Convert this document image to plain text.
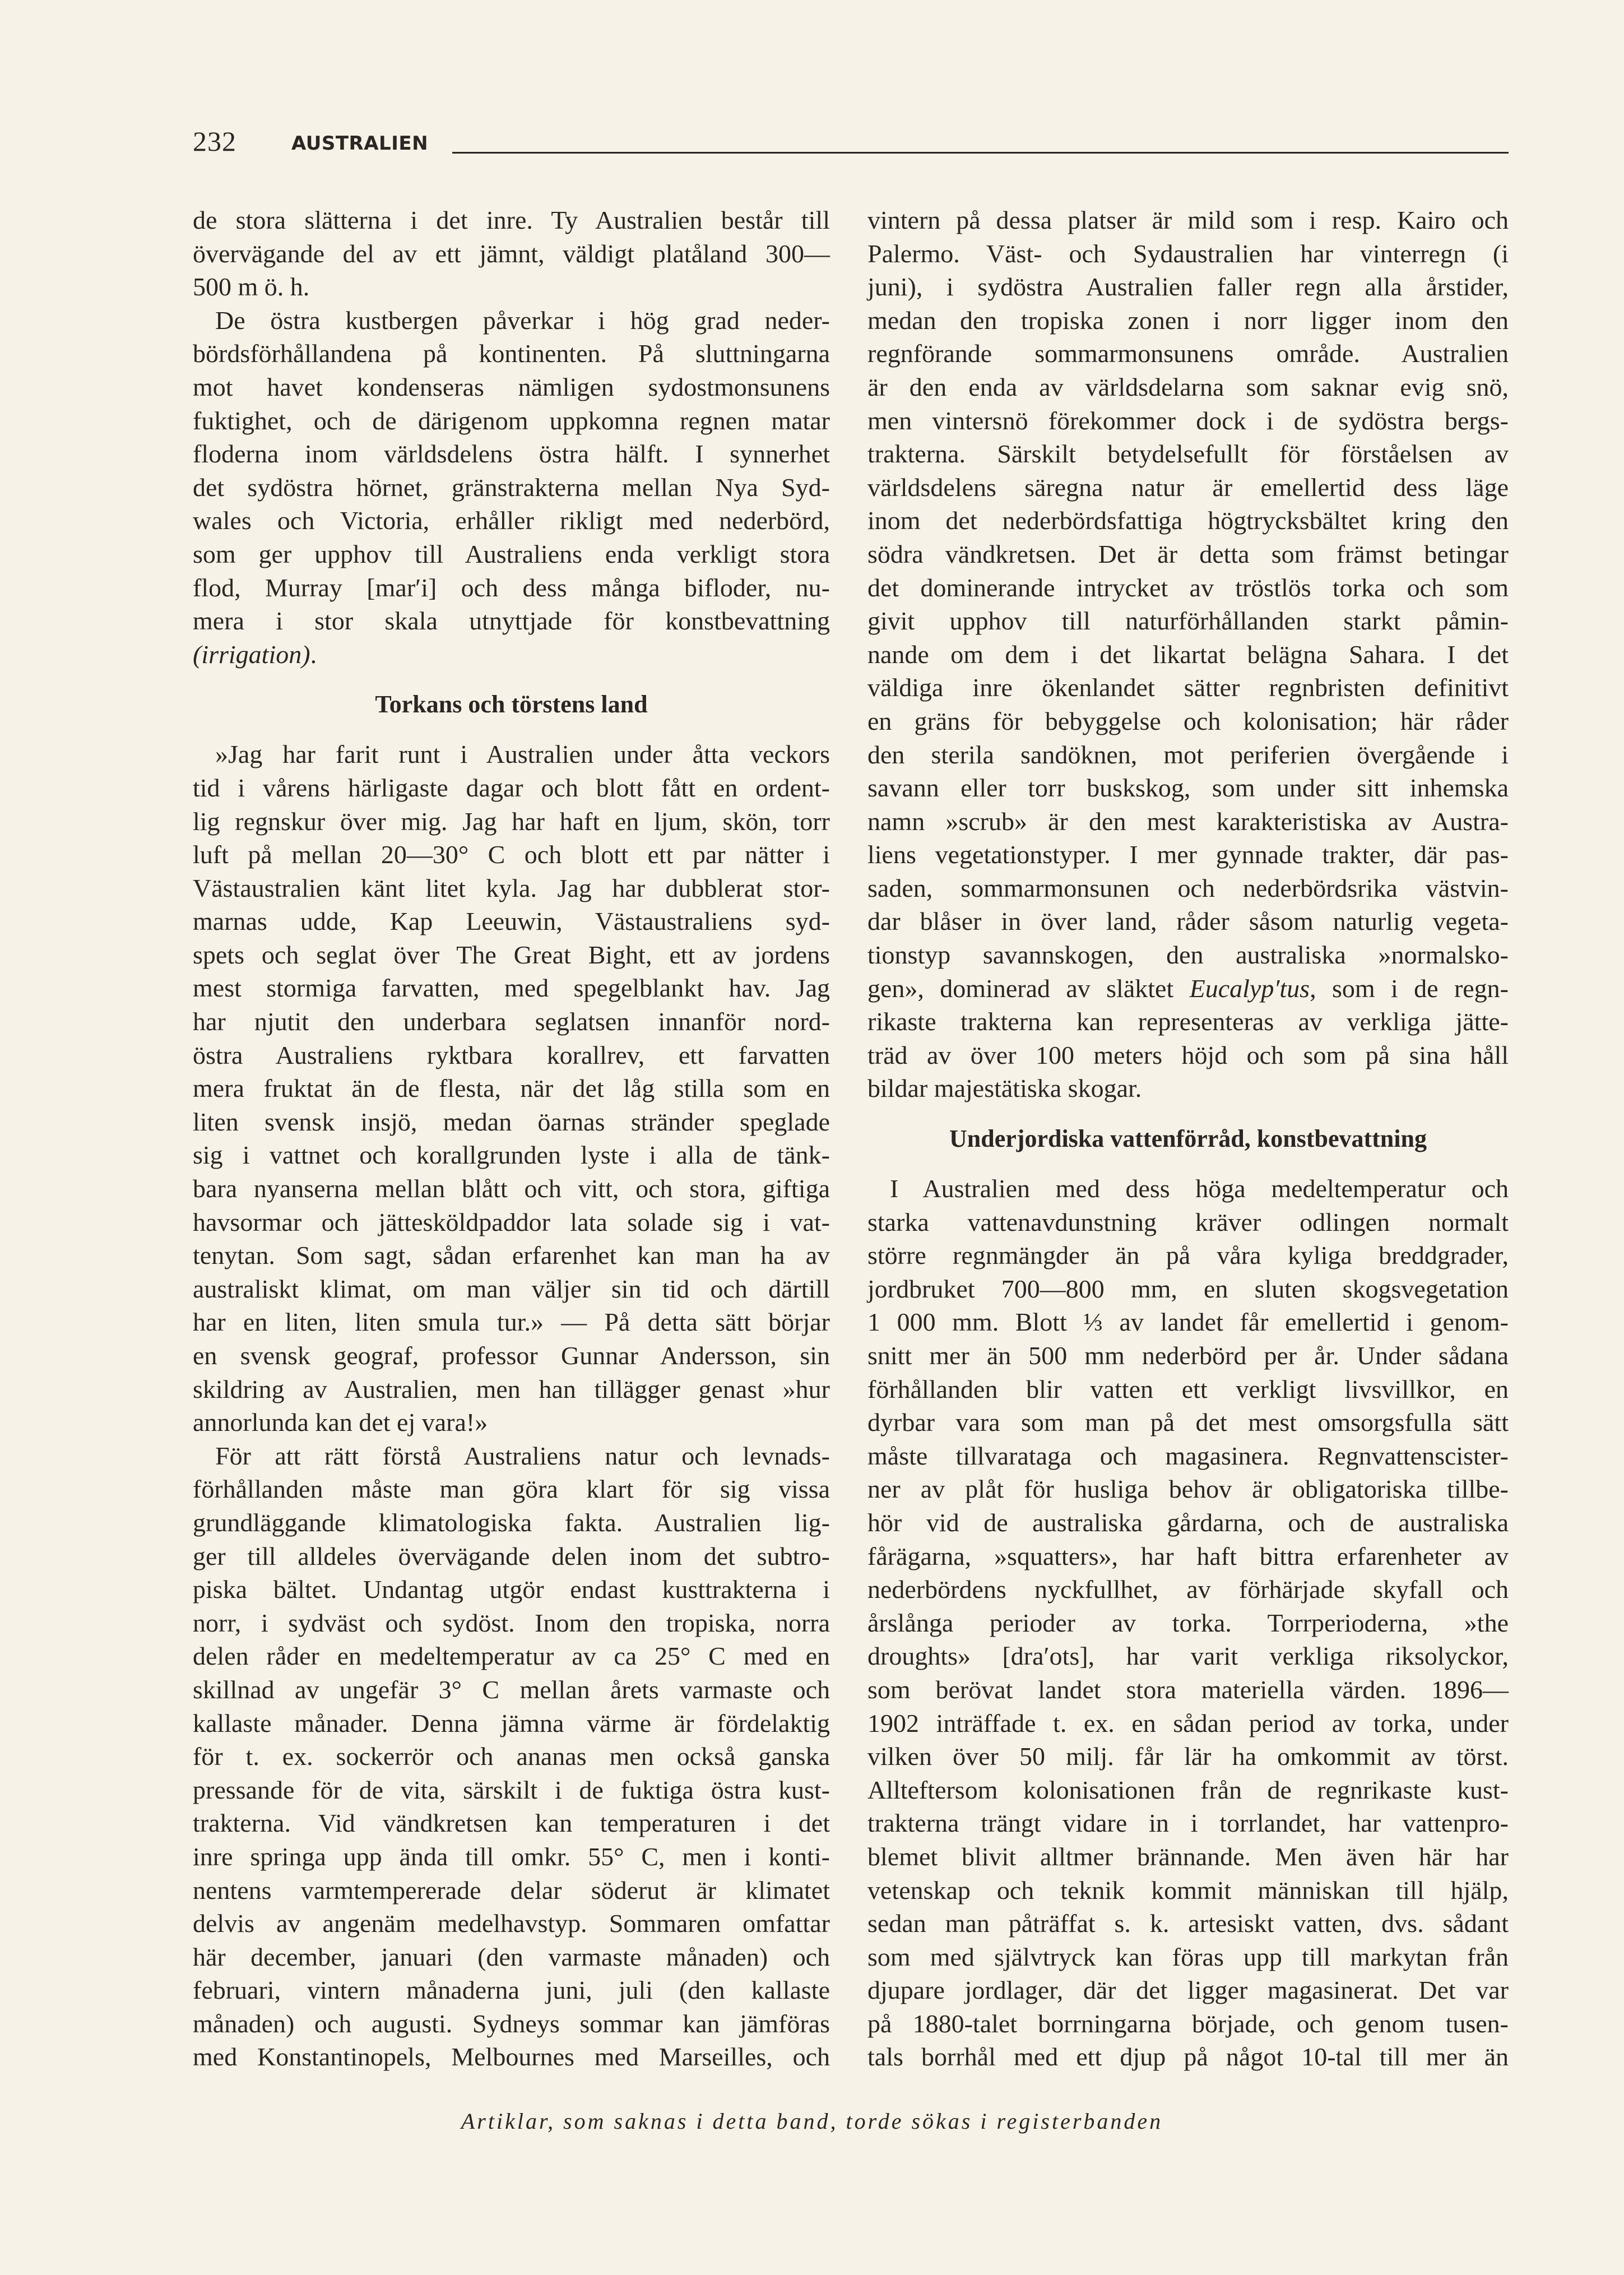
232	AUSTRALIEN
de stora slätterna i det inre. Ty Australien består till
övervägande del av ett jämnt, väldigt platåland 300—
500 m ö. h.
De östra kustbergen påverkar i hög grad neder-
bördsförhållandena på kontinenten. På sluttningarna
mot havet kondenseras nämligen sydostmonsunens
fuktighet, och de därigenom uppkomna regnen matar
floderna inom världsdelens östra hälft. I synnerhet
det sydöstra hörnet, gränstrakterna mellan Nya Syd-
wales och Victoria, erhåller rikligt med nederbörd,
som ger upphov till Australiens enda verkligt stora
flod, Murray [mar′i] och dess många bifloder, nu-
mera i stor skala utnyttjade för konstbevattning
(irrigation).
Torkans och törstens land
»Jag har farit runt i Australien under åtta veckors
tid i vårens härligaste dagar och blott fått en ordent-
lig regnskur över mig. Jag har haft en ljum, skön, torr
luft på mellan 20—30° C och blott ett par nätter i
Västaustralien känt litet kyla. Jag har dubblerat stor-
marnas udde, Kap Leeuwin, Västaustraliens syd-
spets och seglat över The Great Bight, ett av jordens
mest stormiga farvatten, med spegelblankt hav. Jag
har njutit den underbara seglatsen innanför nord-
östra Australiens ryktbara korallrev, ett farvatten
mera fruktat än de flesta, när det låg stilla som en
liten svensk insjö, medan öarnas stränder speglade
sig i vattnet och korallgrunden lyste i alla de tänk-
bara nyanserna mellan blått och vitt, och stora, giftiga
havsormar och jättesköldpaddor lata solade sig i vat-
tenytan. Som sagt, sådan erfarenhet kan man ha av
australiskt klimat, om man väljer sin tid och därtill
har en liten, liten smula tur.» — På detta sätt börjar
en svensk geograf, professor Gunnar Andersson, sin
skildring av Australien, men han tillägger genast »hur
annorlunda kan det ej vara!»
För att rätt förstå Australiens natur och levnads-
förhållanden måste man göra klart för sig vissa
grundläggande klimatologiska fakta. Australien lig-
ger till alldeles övervägande delen inom det subtro-
piska bältet. Undantag utgör endast kusttrakterna i
norr, i sydväst och sydöst. Inom den tropiska, norra
delen råder en medeltemperatur av ca 25° C med en
skillnad av ungefär 3° C mellan årets varmaste och
kallaste månader. Denna jämna värme är fördelaktig
för t. ex. sockerrör och ananas men också ganska
pressande för de vita, särskilt i de fuktiga östra kust-
trakterna. Vid vändkretsen kan temperaturen i det
inre springa upp ända till omkr. 55° C, men i konti-
nentens varmtempererade delar söderut är klimatet
delvis av angenäm medelhavstyp. Sommaren omfattar
här december, januari (den varmaste månaden) och
februari, vintern månaderna juni, juli (den kallaste
månaden) och augusti. Sydneys sommar kan jämföras
med Konstantinopels, Melbournes med Marseilles, och
vintern på dessa platser är mild som i resp. Kairo och
Palermo. Väst- och Sydaustralien har vinterregn (i
juni), i sydöstra Australien faller regn alla årstider,
medan den tropiska zonen i norr ligger inom den
regnförande sommarmonsunens område. Australien
är den enda av världsdelarna som saknar evig snö,
men vintersnö förekommer dock i de sydöstra bergs-
trakterna. Särskilt betydelsefullt för förståelsen av
världsdelens säregna natur är emellertid dess läge
inom det nederbördsfattiga högtrycksbältet kring den
södra vändkretsen. Det är detta som främst betingar
det dominerande intrycket av tröstlös torka och som
givit upphov till naturförhållanden starkt påmin-
nande om dem i det likartat belägna Sahara. I det
väldiga inre ökenlandet sätter regnbristen definitivt
en gräns för bebyggelse och kolonisation; här råder
den sterila sandöknen, mot periferien övergående i
savann eller torr buskskog, som under sitt inhemska
namn »scrub» är den mest karakteristiska av Austra-
liens vegetationstyper. I mer gynnade trakter, där pas-
saden, sommarmonsunen och nederbördsrika västvin-
dar blåser in över land, råder såsom naturlig vegeta-
tionstyp savannskogen, den australiska »normalsko-
gen», dominerad av släktet Eucalyp′tus, som i de regn-
rikaste trakterna kan representeras av verkliga jätte-
träd av över 100 meters höjd och som på sina håll
bildar majestätiska skogar.
Underjordiska vattenförråd, konstbevattning
I Australien med dess höga medeltemperatur och
starka vattenavdunstning kräver odlingen normalt
större regnmängder än på våra kyliga breddgrader,
jordbruket 700—800 mm, en sluten skogsvegetation
1 000 mm. Blott ⅓ av landet får emellertid i genom-
snitt mer än 500 mm nederbörd per år. Under sådana
förhållanden blir vatten ett verkligt livsvillkor, en
dyrbar vara som man på det mest omsorgsfulla sätt
måste tillvarataga och magasinera. Regnvattenscister-
ner av plåt för husliga behov är obligatoriska tillbe-
hör vid de australiska gårdarna, och de australiska
fårägarna, »squatters», har haft bittra erfarenheter av
nederbördens nyckfullhet, av förhärjade skyfall och
årslånga perioder av torka. Torrperioderna, »the
droughts» [dra′ots], har varit verkliga riksolyckor,
som berövat landet stora materiella värden. 1896—
1902 inträffade t. ex. en sådan period av torka, under
vilken över 50 milj. får lär ha omkommit av törst.
Allteftersom kolonisationen från de regnrikaste kust-
trakterna trängt vidare in i torrlandet, har vattenpro-
blemet blivit alltmer brännande. Men även här har
vetenskap och teknik kommit människan till hjälp,
sedan man påträffat s. k. artesiskt vatten, dvs. sådant
som med självtryck kan föras upp till markytan från
djupare jordlager, där det ligger magasinerat. Det var
på 1880-talet borrningarna började, och genom tusen-
tals borrhål med ett djup på något 10-tal till mer än
Artiklar, som saknas i detta band, torde sökas i registerbanden
